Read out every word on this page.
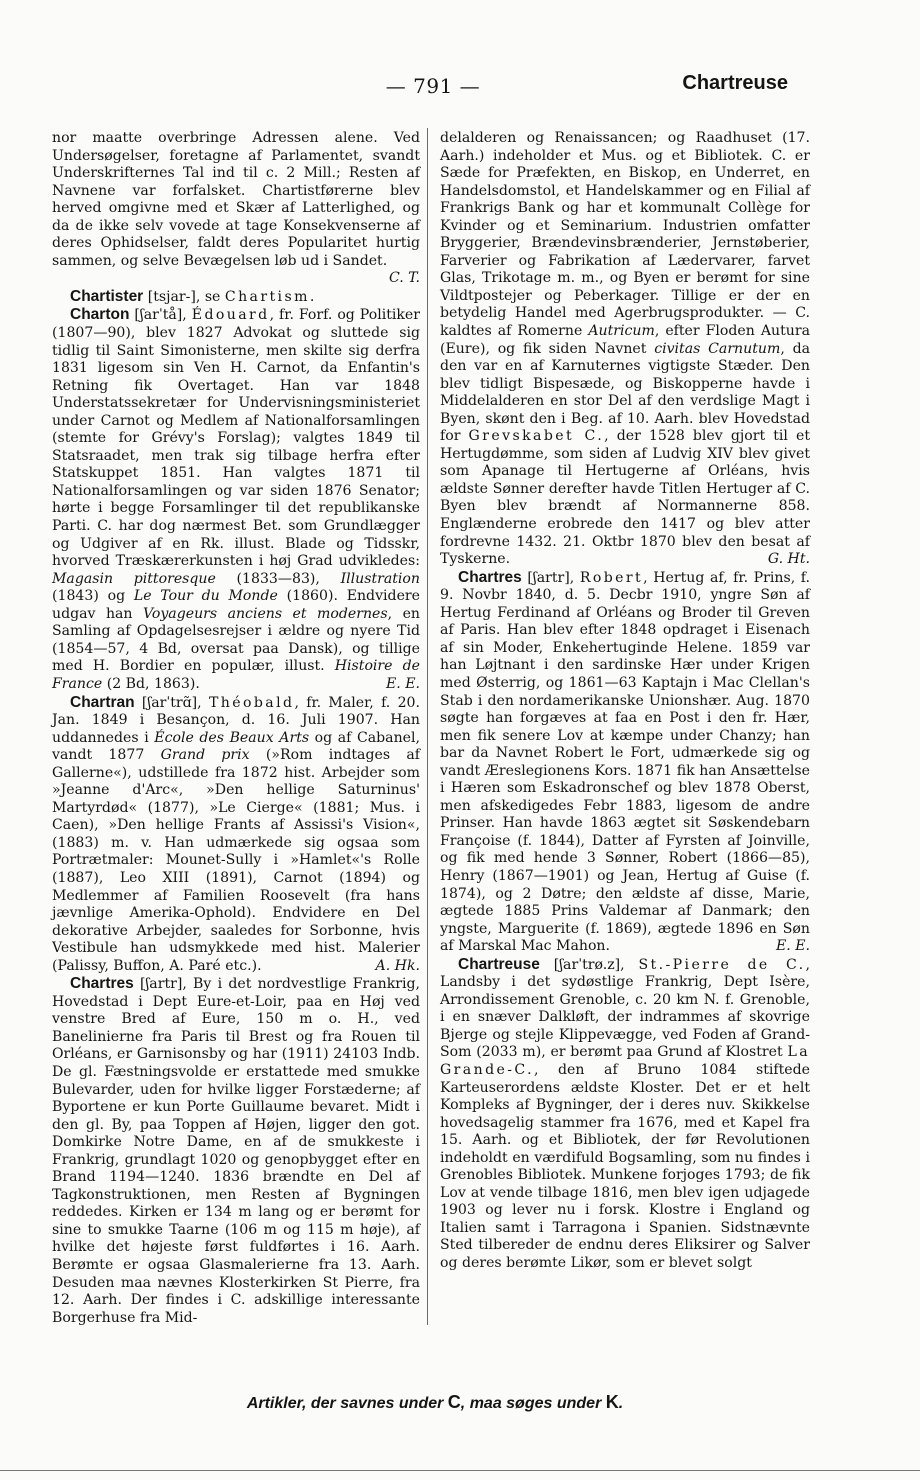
— 791 —	Chartreuse

nor maatte overbringe Adressen alene. Ved Undersøgelser, foretagne af Parlamentet, svandt Underskrifternes Tal ind til c. 2 Mill.; Resten af Navnene var forfalsket. Chartistførerne blev herved omgivne med et Skær af Latterlighed, og da de ikke selv vovede at tage Konsekvenserne af deres Ophidselser, faldt deres Popularitet hurtig sammen, og selve Bevægelsen løb ud i Sandet.
C. T.

Chartister [tsjar-], se Chartism.

Charton [ʃarˈtå], Édouard, fr. Forf. og Politiker (1807—90), blev 1827 Advokat og sluttede sig tidlig til Saint Simonisterne, men skilte sig derfra 1831 ligesom sin Ven H. Carnot, da Enfantin's Retning fik Overtaget. Han var 1848 Understatssekretær for Undervisningsministeriet under Carnot og Medlem af Nationalforsamlingen (stemte for Grévy's Forslag); valgtes 1849 til Statsraadet, men trak sig tilbage herfra efter Statskuppet 1851. Han valgtes 1871 til Nationalforsamlingen og var siden 1876 Senator; hørte i begge Forsamlinger til det republikanske Parti. C. har dog nærmest Bet. som Grundlægger og Udgiver af en Rk. illust. Blade og Tidsskr, hvorved Træskærerkunsten i høj Grad udvikledes: Magasin pittoresque (1833—83), Illustration (1843) og Le Tour du Monde (1860). Endvidere udgav han Voyageurs anciens et modernes, en Samling af Opdagelsesrejser i ældre og nyere Tid (1854—57, 4 Bd, oversat paa Dansk), og tillige med H. Bordier en populær, illust. Histoire de France (2 Bd, 1863).	E. E.

Chartran [ʃarˈtrɑ̃], Théobald, fr. Maler, f. 20. Jan. 1849 i Besançon, d. 16. Juli 1907. Han uddannedes i École des Beaux Arts og af Cabanel, vandt 1877 Grand prix (»Rom indtages af Gallerne«), udstillede fra 1872 hist. Arbejder som »Jeanne d'Arc«, »Den hellige Saturninus' Martyrdød« (1877), »Le Cierge« (1881; Mus. i Caen), »Den hellige Frants af Assissi's Vision«, (1883) m. v. Han udmærkede sig ogsaa som Portrætmaler: Mounet-Sully i »Hamlet«'s Rolle (1887), Leo XIII (1891), Carnot (1894) og Medlemmer af Familien Roosevelt (fra hans jævnlige Amerika-Ophold). Endvidere en Del dekorative Arbejder, saaledes for Sorbonne, hvis Vestibule han udsmykkede med hist. Malerier (Palissy, Buffon, A. Paré etc.).	A. Hk.

Chartres [ʃartr], By i det nordvestlige Frankrig, Hovedstad i Dept Eure-et-Loir, paa en Høj ved venstre Bred af Eure, 150 m o. H., ved Banelinierne fra Paris til Brest og fra Rouen til Orléans, er Garnisonsby og har (1911) 24103 Indb. De gl. Fæstningsvolde er erstattede med smukke Bulevarder, uden for hvilke ligger Forstæderne; af Byportene er kun Porte Guillaume bevaret. Midt i den gl. By, paa Toppen af Højen, ligger den got. Domkirke Notre Dame, en af de smukkeste i Frankrig, grundlagt 1020 og genopbygget efter en Brand 1194—1240. 1836 brændte en Del af Tagkonstruktionen, men Resten af Bygningen reddedes. Kirken er 134 m lang og er berømt for sine to smukke Taarne (106 m og 115 m høje), af hvilke det højeste først fuldførtes i 16. Aarh. Berømte er ogsaa Glasmalerierne fra 13. Aarh. Desuden maa nævnes Klosterkirken St Pierre, fra 12. Aarh. Der findes i C. adskillige interessante Borgerhuse fra Mid-

delalderen og Renaissancen; og Raadhuset (17. Aarh.) indeholder et Mus. og et Bibliotek. C. er Sæde for Præfekten, en Biskop, en Underret, en Handelsdomstol, et Handelskammer og en Filial af Frankrigs Bank og har et kommunalt Collège for Kvinder og et Seminarium. Industrien omfatter Bryggerier, Brændevinsbrænderier, Jernstøberier, Farverier og Fabrikation af Lædervarer, farvet Glas, Trikotage m. m., og Byen er berømt for sine Vildtpostejer og Peberkager. Tillige er der en betydelig Handel med Agerbrugsprodukter. — C. kaldtes af Romerne Autricum, efter Floden Autura (Eure), og fik siden Navnet civitas Carnutum, da den var en af Karnuternes vigtigste Stæder. Den blev tidligt Bispesæde, og Biskopperne havde i Middelalderen en stor Del af den verdslige Magt i Byen, skønt den i Beg. af 10. Aarh. blev Hovedstad for Grevskabet C., der 1528 blev gjort til et Hertugdømme, som siden af Ludvig XIV blev givet som Apanage til Hertugerne af Orléans, hvis ældste Sønner derefter havde Titlen Hertuger af C. Byen blev brændt af Normannerne 858. Englænderne erobrede den 1417 og blev atter fordrevne 1432. 21. Oktbr 1870 blev den besat af Tyskerne.	G. Ht.

Chartres [ʃartr], Robert, Hertug af, fr. Prins, f. 9. Novbr 1840, d. 5. Decbr 1910, yngre Søn af Hertug Ferdinand af Orléans og Broder til Greven af Paris. Han blev efter 1848 opdraget i Eisenach af sin Moder, Enkehertuginde Helene. 1859 var han Løjtnant i den sardinske Hær under Krigen med Østerrig, og 1861—63 Kaptajn i Mac Clellan's Stab i den nordamerikanske Unionshær. Aug. 1870 søgte han forgæves at faa en Post i den fr. Hær, men fik senere Lov at kæmpe under Chanzy; han bar da Navnet Robert le Fort, udmærkede sig og vandt Æreslegionens Kors. 1871 fik han Ansættelse i Hæren som Eskadronschef og blev 1878 Oberst, men afskedigedes Febr 1883, ligesom de andre Prinser. Han havde 1863 ægtet sit Søskendebarn Françoise (f. 1844), Datter af Fyrsten af Joinville, og fik med hende 3 Sønner, Robert (1866—85), Henry (1867—1901) og Jean, Hertug af Guise (f. 1874), og 2 Døtre; den ældste af disse, Marie, ægtede 1885 Prins Valdemar af Danmark; den yngste, Marguerite (f. 1869), ægtede 1896 en Søn af Marskal Mac Mahon.	E. E.

Chartreuse [ʃarˈtrø.z], St.-Pierre de C., Landsby i det sydøstlige Frankrig, Dept Isère, Arrondissement Grenoble, c. 20 km N. f. Grenoble, i en snæver Dalkløft, der indrammes af skovrige Bjerge og stejle Klippevægge, ved Foden af Grand-Som (2033 m), er berømt paa Grund af Klostret La Grande-C., den af Bruno 1084 stiftede Karteuserordens ældste Kloster. Det er et helt Kompleks af Bygninger, der i deres nuv. Skikkelse hovedsagelig stammer fra 1676, med et Kapel fra 15. Aarh. og et Bibliotek, der før Revolutionen indeholdt en værdifuld Bogsamling, som nu findes i Grenobles Bibliotek. Munkene forjoges 1793; de fik Lov at vende tilbage 1816, men blev igen udjagede 1903 og lever nu i forsk. Klostre i England og Italien samt i Tarragona i Spanien. Sidstnævnte Sted tilbereder de endnu deres Eliksirer og Salver og deres berømte Likør, som er blevet solgt

Artikler, der savnes under C, maa søges under K.
